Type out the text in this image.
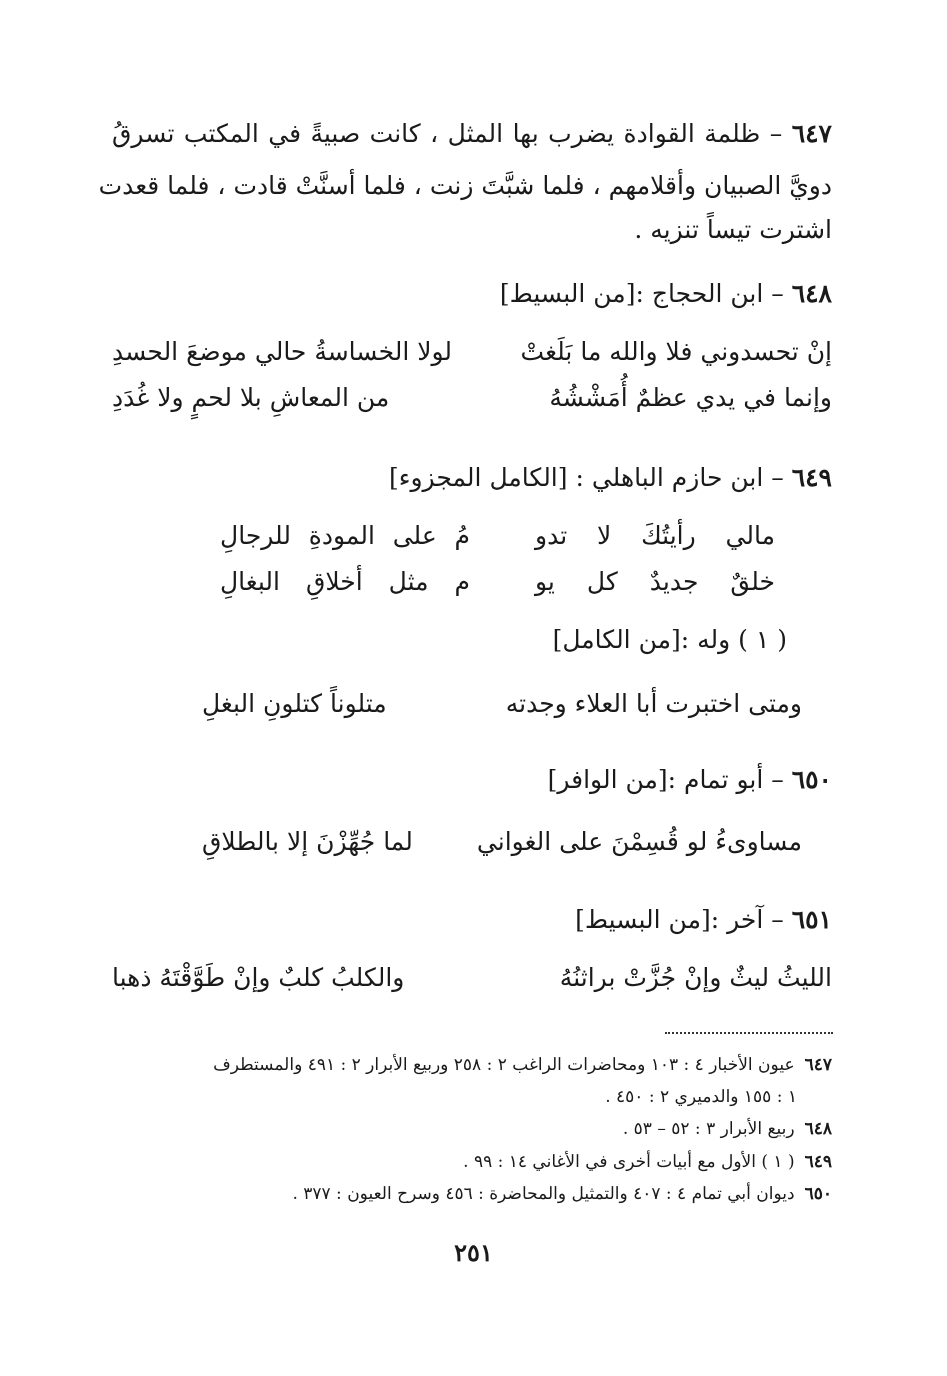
٦٤٧ – ظلمة القوادة يضرب بها المثل ، كانت صبيةً في المكتب تسرقُ
دويَّ الصبيان وأقلامهم ، فلما شبَّتَ زنت ، فلما أسنَّتْ قادت ، فلما قعدت
اشترت تيساً تنزيه .
٦٤٨ – ابن الحجاج :[من البسيط]
إنْ تحسدوني فلا والله ما بَلَغتْ
لولا الخساسةُ حالي موضعَ الحسدِ
وإنما في يدي عظمٌ أُمَشْشُهُ
من المعاشِ بلا لحمٍ ولا غُدَدِ
٦٤٩ – ابن حازم الباهلي : [الكامل المجزوء]
مالي
رأيتُكَ
لا
تدو
مُ
على
المودةِ
للرجالِ
خلقٌ
جديدٌ
كل
يو
م
مثل
أخلاقِ
البغالِ
( ١ ) وله :[من الكامل]
ومتى اختبرت أبا العلاء وجدته
متلوناً كتلونِ البغلِ
٦٥٠ – أبو تمام :[من الوافر]
مساوىءُ لو قُسِمْنَ على الغواني
لما جُهِّزْنَ إلا بالطلاقِ
٦٥١ – آخر :[من البسيط]
الليثُ ليثٌ وإنْ جُزَّتْ براثنُهُ
والكلبُ كلبٌ وإنْ طَوَّقْتَهُ ذهبا
٦٤٧عيون الأخبار ٤ : ١٠٣ ومحاضرات الراغب ٢ : ٢٥٨ وربيع الأبرار ٢ : ٤٩١ والمستطرف
١ : ١٥٥ والدميري ٢ : ٤٥٠ .
٦٤٨ربيع الأبرار ٣ : ٥٢ – ٥٣ .
٦٤٩( ١ ) الأول مع أبيات أخرى في الأغاني ١٤ : ٩٩ .
٦٥٠ديوان أبي تمام ٤ : ٤٠٧ والتمثيل والمحاضرة : ٤٥٦ وسرح العيون : ٣٧٧ .
٢٥١
